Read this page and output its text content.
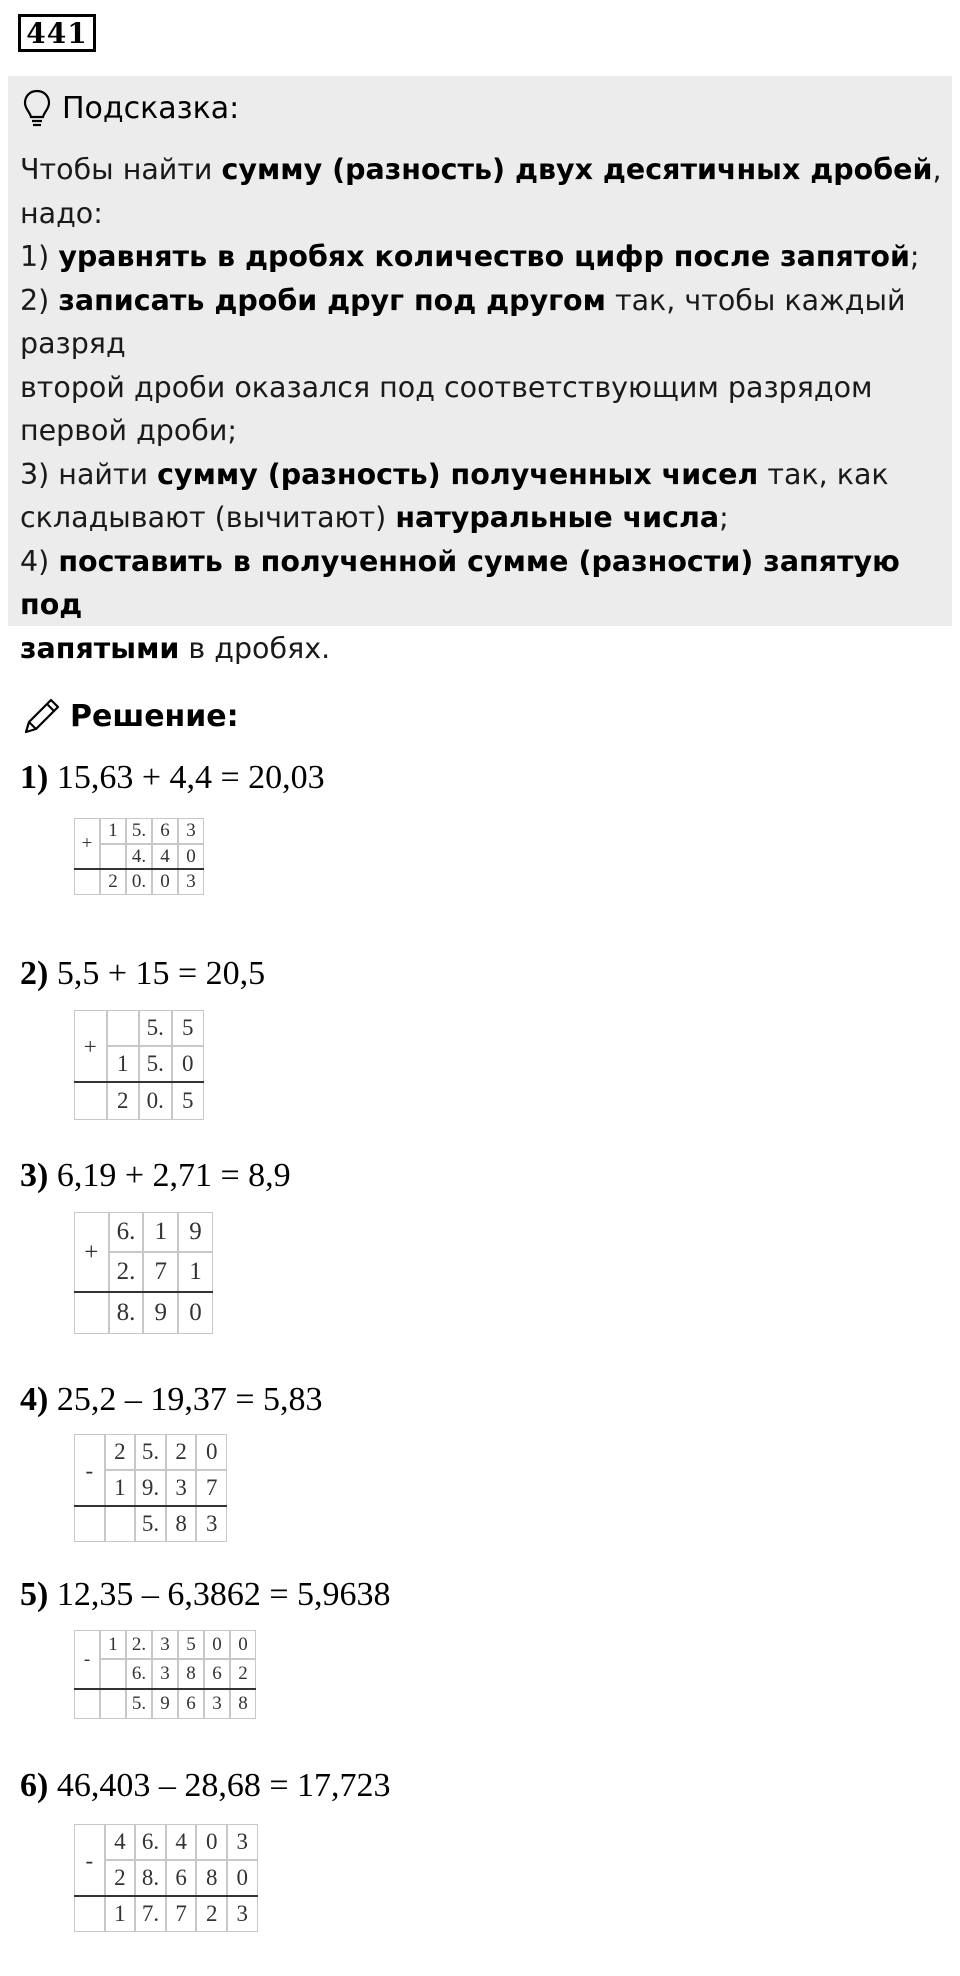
441
Подсказка:
Чтобы найти сумму (разность) двух десятичных дробей,
надо:
1) уравнять в дробях количество цифр после запятой;
2) записать дроби друг под другом так, чтобы каждый разряд
второй дроби оказался под соответствующим разрядом
первой дроби;
3) найти сумму (разность) полученных чисел так, как
складывают (вычитают) натуральные числа;
4) поставить в полученной сумме (разности) запятую под
запятыми в дробях.
Решение:
1) 15,63 + 4,4 = 20,03
+
1 5. 6 3
4. 4 0
2 0. 0 3
2) 5,5 + 15 = 20,5
+
5. 5
1 5. 0
2 0. 5
3) 6,19 + 2,71 = 8,9
+
6. 1 9
2. 7 1
8. 9 0
4) 25,2 – 19,37 = 5,83
-
2 5. 2 0
1 9. 3 7
5. 8 3
5) 12,35 – 6,3862 = 5,9638
-
1 2. 3 5 0 0
6. 3 8 6 2
5. 9 6 3 8
6) 46,403 – 28,68 = 17,723
-
4 6. 4 0 3
2 8. 6 8 0
1 7. 7 2 3
